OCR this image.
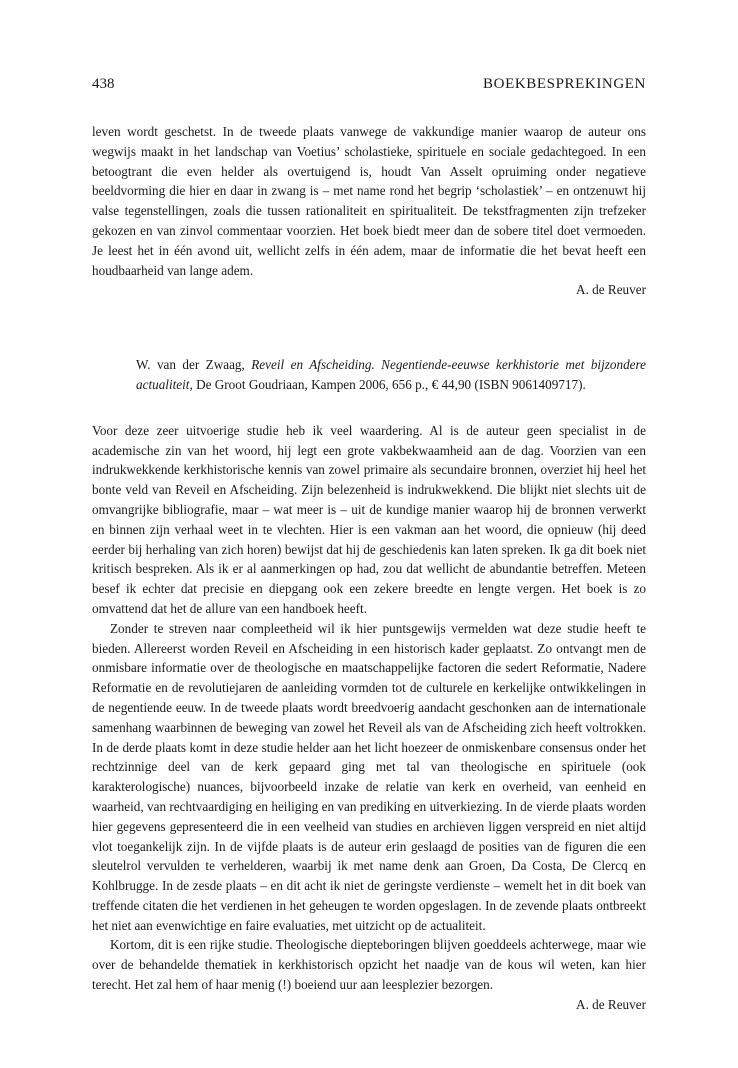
438	BOEKBESPREKINGEN

leven wordt geschetst. In de tweede plaats vanwege de vakkundige manier waarop de auteur ons wegwijs maakt in het landschap van Voetius’ scholastieke, spirituele en sociale gedachtegoed. In een betoogtrant die even helder als overtuigend is, houdt Van Asselt opruiming onder negatieve beeldvorming die hier en daar in zwang is – met name rond het begrip ‘scholastiek’ – en ontzenuwt hij valse tegenstellingen, zoals die tussen rationaliteit en spiritualiteit. De tekstfragmenten zijn trefzeker gekozen en van zinvol commentaar voorzien. Het boek biedt meer dan de sobere titel doet vermoeden. Je leest het in één avond uit, wellicht zelfs in één adem, maar de informatie die het bevat heeft een houdbaarheid van lange adem.

A. de Reuver

W. van der Zwaag, Reveil en Afscheiding. Negentiende-eeuwse kerkhistorie met bijzondere actualiteit, De Groot Goudriaan, Kampen 2006, 656 p., € 44,90 (ISBN 9061409717).

Voor deze zeer uitvoerige studie heb ik veel waardering. Al is de auteur geen specialist in de academische zin van het woord, hij legt een grote vakbekwaamheid aan de dag. Voorzien van een indrukwekkende kerkhistorische kennis van zowel primaire als secundaire bronnen, overziet hij heel het bonte veld van Reveil en Afscheiding. Zijn belezenheid is indrukwekkend. Die blijkt niet slechts uit de omvangrijke bibliografie, maar – wat meer is – uit de kundige manier waarop hij de bronnen verwerkt en binnen zijn verhaal weet in te vlechten. Hier is een vakman aan het woord, die opnieuw (hij deed eerder bij herhaling van zich horen) bewijst dat hij de geschiedenis kan laten spreken. Ik ga dit boek niet kritisch bespreken. Als ik er al aanmerkingen op had, zou dat wellicht de abundantie betreffen. Meteen besef ik echter dat precisie en diepgang ook een zekere breedte en lengte vergen. Het boek is zo omvattend dat het de allure van een handboek heeft.

Zonder te streven naar compleetheid wil ik hier puntsgewijs vermelden wat deze studie heeft te bieden. Allereerst worden Reveil en Afscheiding in een historisch kader geplaatst. Zo ontvangt men de onmisbare informatie over de theologische en maatschappelijke factoren die sedert Reformatie, Nadere Reformatie en de revolutiejaren de aanleiding vormden tot de culturele en kerkelijke ontwikkelingen in de negentiende eeuw. In de tweede plaats wordt breedvoerig aandacht geschonken aan de internationale samenhang waarbinnen de beweging van zowel het Reveil als van de Afscheiding zich heeft voltrokken. In de derde plaats komt in deze studie helder aan het licht hoezeer de onmiskenbare consensus onder het rechtzinnige deel van de kerk gepaard ging met tal van theologische en spirituele (ook karakterologische) nuances, bijvoorbeeld inzake de relatie van kerk en overheid, van eenheid en waarheid, van rechtvaardiging en heiliging en van prediking en uitverkiezing. In de vierde plaats worden hier gegevens gepresenteerd die in een veelheid van studies en archieven liggen verspreid en niet altijd vlot toegankelijk zijn. In de vijfde plaats is de auteur erin geslaagd de posities van de figuren die een sleutelrol vervulden te verhelderen, waarbij ik met name denk aan Groen, Da Costa, De Clercq en Kohlbrugge. In de zesde plaats – en dit acht ik niet de geringste verdienste – wemelt het in dit boek van treffende citaten die het verdienen in het geheugen te worden opgeslagen. In de zevende plaats ontbreekt het niet aan evenwichtige en faire evaluaties, met uitzicht op de actualiteit.

Kortom, dit is een rijke studie. Theologische diepteboringen blijven goeddeels achterwege, maar wie over de behandelde thematiek in kerkhistorisch opzicht het naadje van de kous wil weten, kan hier terecht. Het zal hem of haar menig (!) boeiend uur aan leesplezier bezorgen.

A. de Reuver
